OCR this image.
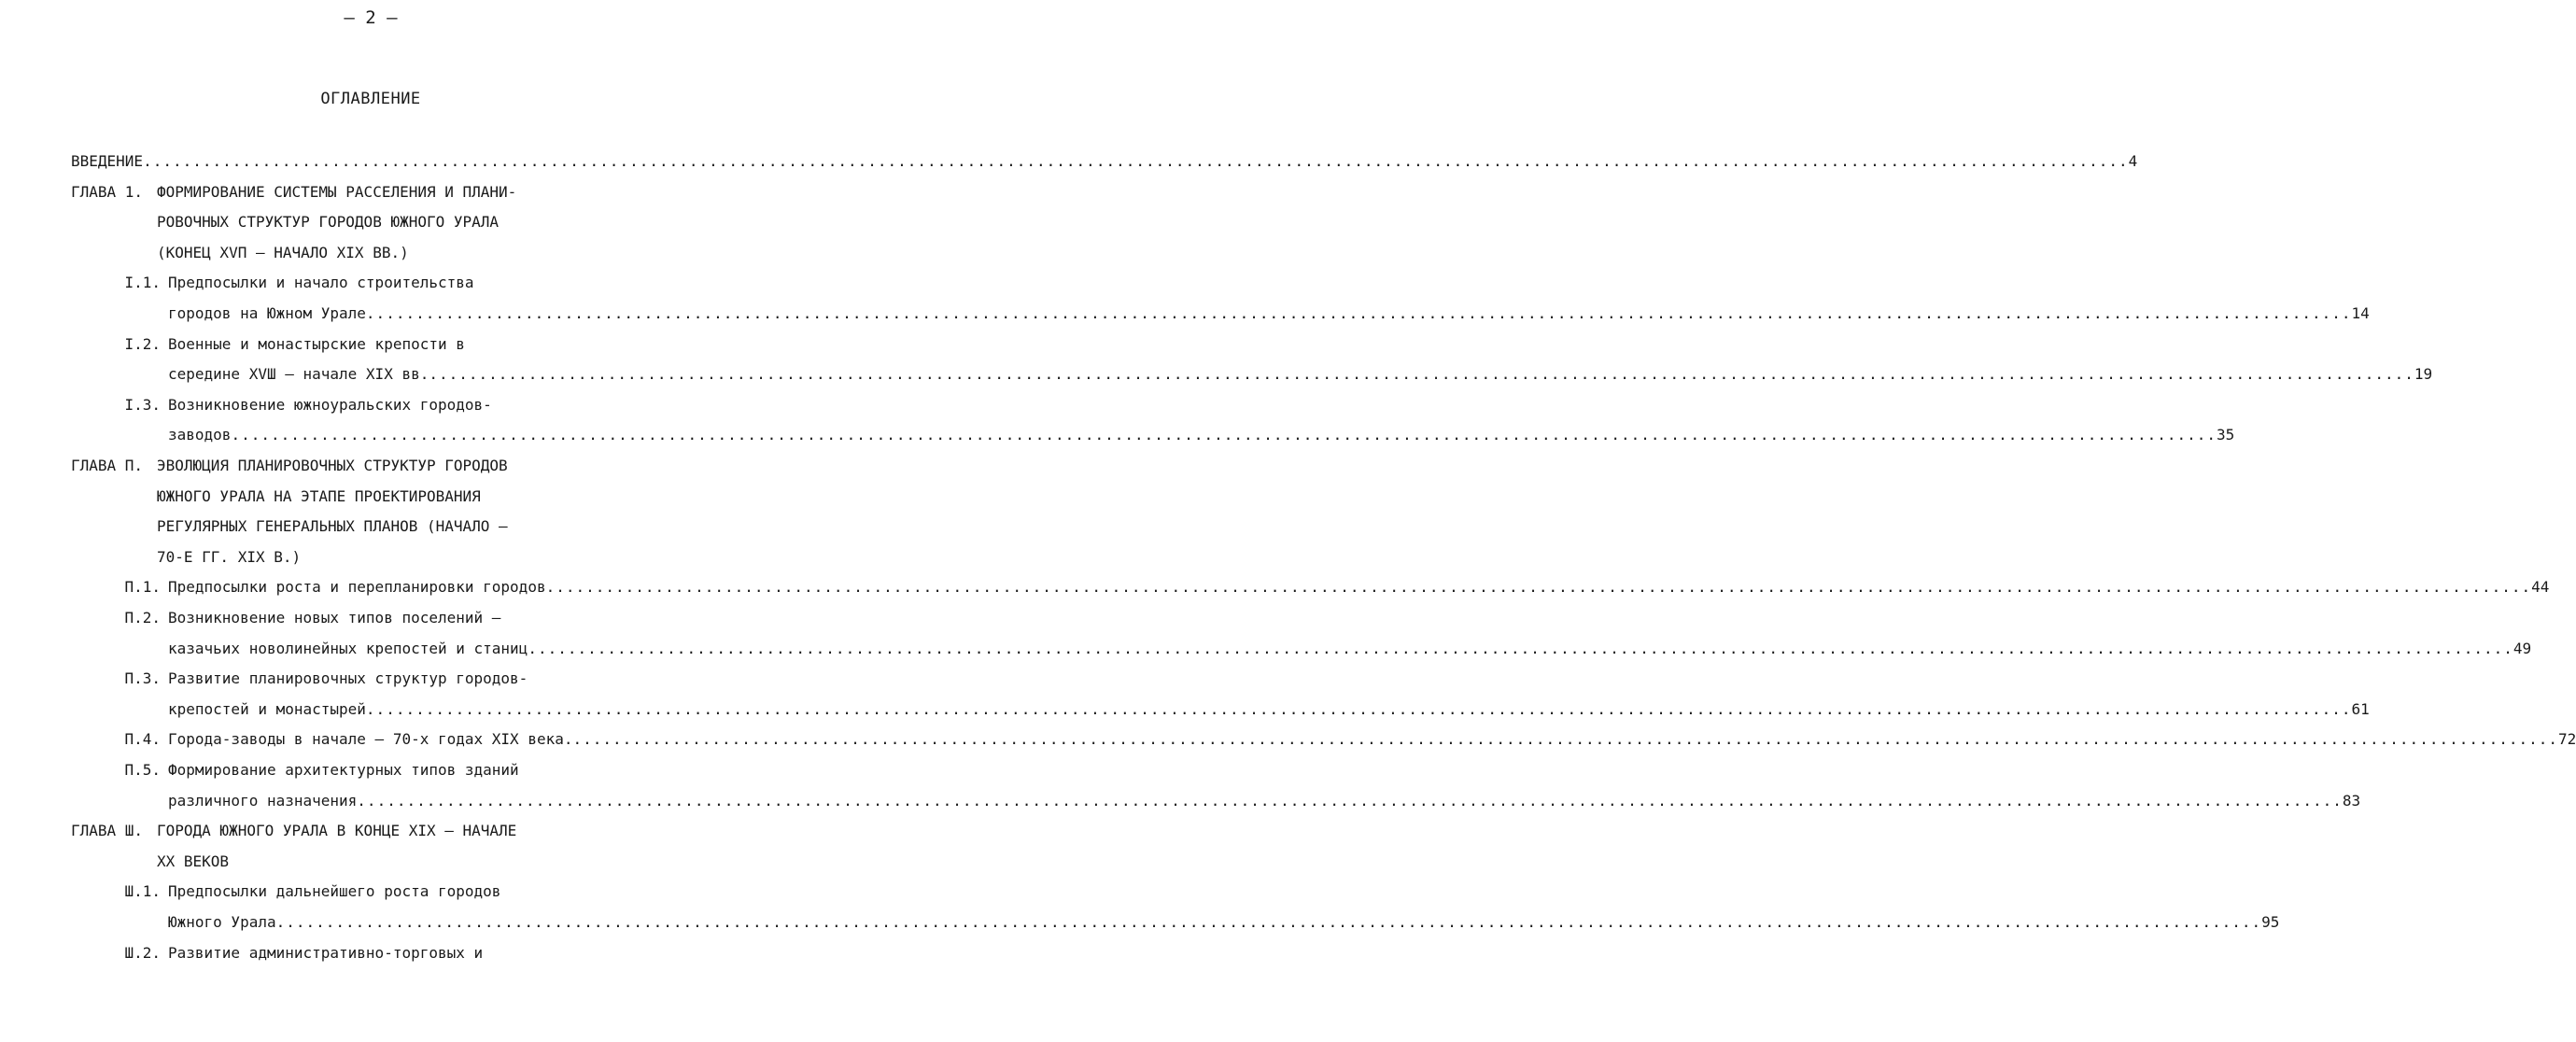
– 2 –
ОГЛАВЛЕНИЕ
ВВЕДЕНИЕ ........................................................................................................................................................................................................ 4
ГЛАВА 1. ФОРМИРОВАНИЕ СИСТЕМЫ РАССЕЛЕНИЯ И ПЛАНИ-
РОВОЧНЫХ СТРУКТУР ГОРОДОВ ЮЖНОГО УРАЛА
(КОНЕЦ XVП – НАЧАЛО XIX ВВ.)
I.1. Предпосылки и начало строительства
городов на Южном Урале ........................................................................................................................................................................................................ 14
I.2. Военные и монастырские крепости в
середине XVШ – начале XIX вв. ........................................................................................................................................................................................................ 19
I.3. Возникновение южноуральских городов-
заводов ........................................................................................................................................................................................................ 35
ГЛАВА П. ЭВОЛЮЦИЯ ПЛАНИРОВОЧНЫХ СТРУКТУР ГОРОДОВ
ЮЖНОГО УРАЛА НА ЭТАПЕ ПРОЕКТИРОВАНИЯ
РЕГУЛЯРНЫХ ГЕНЕРАЛЬНЫХ ПЛАНОВ (НАЧАЛО –
70-Е ГГ. XIX В.)
П.1. Предпосылки роста и перепланировки городов ........................................................................................................................................................................................................ 44
П.2. Возникновение новых типов поселений –
казачьих новолинейных крепостей и станиц ........................................................................................................................................................................................................ 49
П.3. Развитие планировочных структур городов-
крепостей и монастырей ........................................................................................................................................................................................................ 61
П.4. Города-заводы в начале – 70-х годах XIX века. ........................................................................................................................................................................................................ 72
П.5. Формирование архитектурных типов зданий
различного назначения ........................................................................................................................................................................................................ 83
ГЛАВА Ш. ГОРОДА ЮЖНОГО УРАЛА В КОНЦЕ XIX – НАЧАЛЕ
XX ВЕКОВ
Ш.1. Предпосылки дальнейшего роста городов
Южного Урала ........................................................................................................................................................................................................ 95
Ш.2. Развитие административно-торговых и
